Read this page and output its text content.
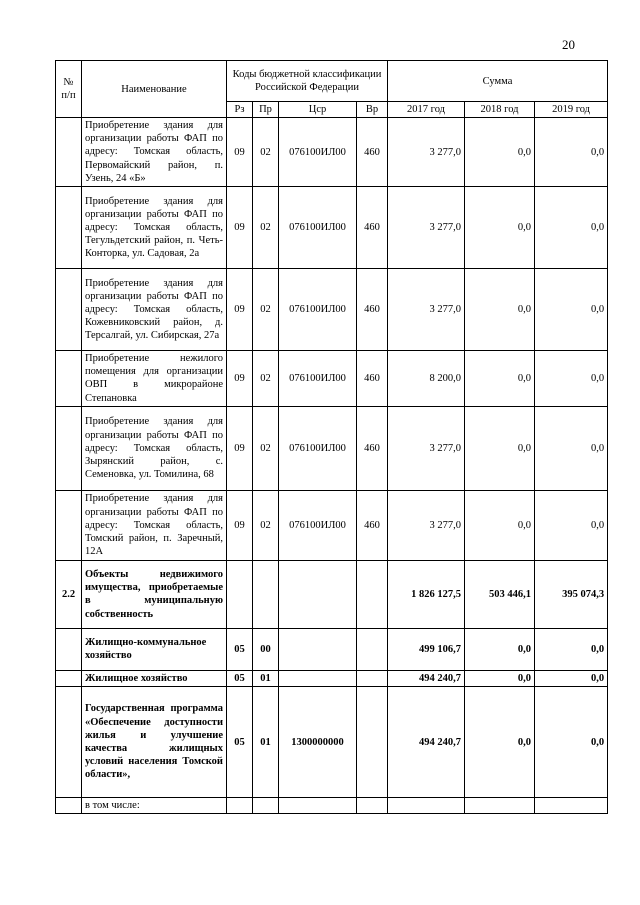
20
№ п/п	Наименование	Коды бюджетной классификации Российской Федерации				Сумма		
		Рз	Пр	Цср	Вр	2017 год	2018 год	2019 год
	Приобретение здания для организации работы ФАП по адресу: Томская область, Первомайский район, п. Узень, 24 «Б»	09	02	076100ИЛ00	460	3 277,0	0,0	0,0
	Приобретение здания для организации работы ФАП по адресу: Томская область, Тегульдетский район, п. Четь-Конторка, ул. Садовая, 2а	09	02	076100ИЛ00	460	3 277,0	0,0	0,0
	Приобретение здания для организации работы ФАП по адресу: Томская область, Кожевниковский район, д. Терсалгай, ул. Сибирская, 27а	09	02	076100ИЛ00	460	3 277,0	0,0	0,0
	Приобретение нежилого помещения для организации ОВП в микрорайоне Степановка	09	02	076100ИЛ00	460	8 200,0	0,0	0,0
	Приобретение здания для организации работы ФАП по адресу: Томская область, Зырянский район, с. Семеновка, ул. Томилина, 68	09	02	076100ИЛ00	460	3 277,0	0,0	0,0
	Приобретение здания для организации работы ФАП по адресу: Томская область, Томский район, п. Заречный, 12А	09	02	076100ИЛ00	460	3 277,0	0,0	0,0
2.2	Объекты недвижимого имущества, приобретаемые в муниципальную собственность					1 826 127,5	503 446,1	395 074,3
	Жилищно-коммунальное хозяйство	05	00			499 106,7	0,0	0,0
	Жилищное хозяйство	05	01			494 240,7	0,0	0,0
	Государственная программа «Обеспечение доступности жилья и улучшение качества жилищных условий населения Томской области»,	05	01	1300000000		494 240,7	0,0	0,0
	в том числе:							
